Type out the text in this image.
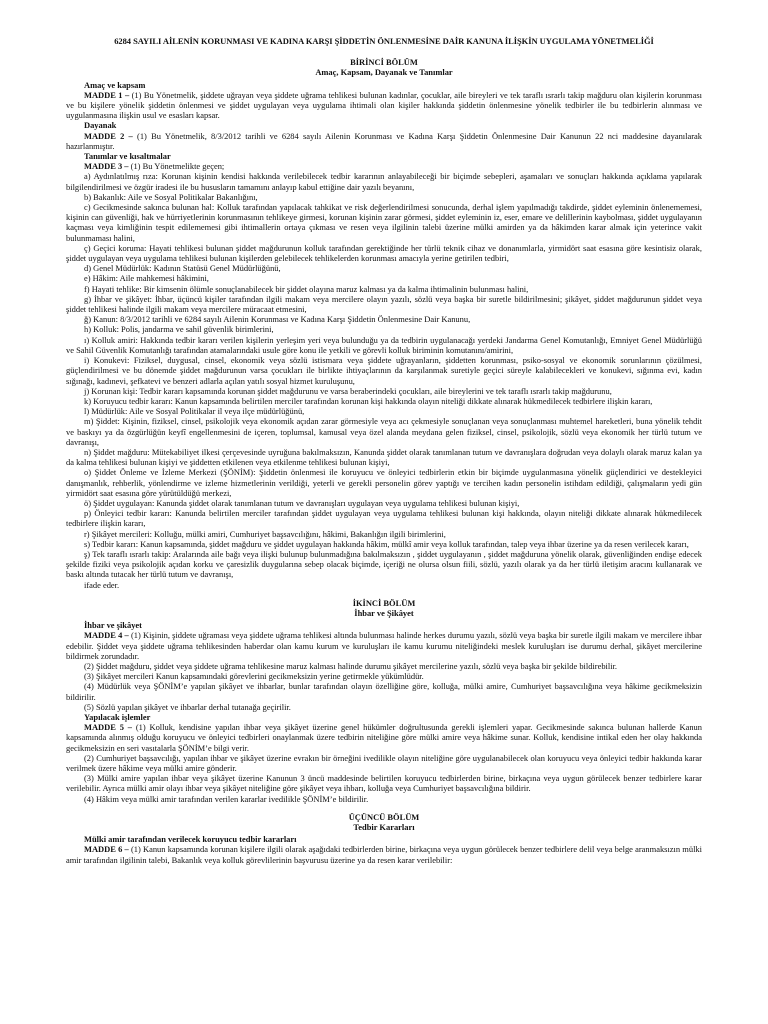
6284 SAYILI AİLENİN KORUNMASI VE KADINA KARŞI ŞİDDETİN ÖNLENMESİNE DAİR KANUNA İLİŞKİN UYGULAMA YÖNETMELİĞİ
BİRİNCİ BÖLÜM
Amaç, Kapsam, Dayanak ve Tanımlar
Amaç ve kapsam
MADDE 1 – (1) Bu Yönetmelik, şiddete uğrayan veya şiddete uğrama tehlikesi bulunan kadınlar, çocuklar, aile bireyleri ve tek taraflı ısrarlı takip mağduru olan kişilerin korunması ve bu kişilere yönelik şiddetin önlenmesi ve şiddet uygulayan veya uygulama ihtimali olan kişiler hakkında şiddetin önlenmesine yönelik tedbirler ile bu tedbirlerin alınması ve uygulanmasına ilişkin usul ve esasları kapsar.
Dayanak
MADDE 2 – (1) Bu Yönetmelik, 8/3/2012 tarihli ve 6284 sayılı Ailenin Korunması ve Kadına Karşı Şiddetin Önlenmesine Dair Kanunun 22 nci maddesine dayanılarak hazırlanmıştır.
Tanımlar ve kısaltmalar
MADDE 3 – (1) Bu Yönetmelikte geçen;
a) Aydınlatılmış rıza: Korunan kişinin kendisi hakkında verilebilecek tedbir kararının anlayabileceği bir biçimde sebepleri, aşamaları ve sonuçları hakkında açıklama yapılarak bilgilendirilmesi ve özgür iradesi ile bu hususların tamamını anlayıp kabul ettiğine dair yazılı beyanını,
b) Bakanlık: Aile ve Sosyal Politikalar Bakanlığını,
c) Gecikmesinde sakınca bulunan hal: Kolluk tarafından yapılacak tahkikat ve risk değerlendirilmesi sonucunda, derhal işlem yapılmadığı takdirde, şiddet eyleminin önlenememesi, kişinin can güvenliği, hak ve hürriyetlerinin korunmasının tehlikeye girmesi, korunan kişinin zarar görmesi, şiddet eyleminin iz, eser, emare ve delillerinin kaybolması, şiddet uygulayanın kaçması veya kimliğinin tespit edilememesi gibi ihtimallerin ortaya çıkması ve resen veya ilgilinin talebi üzerine mülki amirden ya da hâkimden karar almak için yeterince vakit bulunmaması halini,
ç) Geçici koruma: Hayati tehlikesi bulunan şiddet mağdurunun kolluk tarafından gerektiğinde her türlü teknik cihaz ve donanımlarla, yirmidört saat esasına göre kesintisiz olarak, şiddet uygulayan veya uygulama tehlikesi bulunan kişilerden gelebilecek tehlikelerden korunması amacıyla yerine getirilen tedbiri,
d) Genel Müdürlük: Kadının Statüsü Genel Müdürlüğünü,
e) Hâkim: Aile mahkemesi hâkimini,
f) Hayati tehlike: Bir kimsenin ölümle sonuçlanabilecek bir şiddet olayına maruz kalması ya da kalma ihtimalinin bulunması halini,
g) İhbar ve şikâyet: İhbar, üçüncü kişiler tarafından ilgili makam veya mercilere olayın yazılı, sözlü veya başka bir suretle bildirilmesini; şikâyet, şiddet mağdurunun şiddet veya şiddet tehlikesi halinde ilgili makam veya mercilere müracaat etmesini,
ğ) Kanun: 8/3/2012 tarihli ve 6284 sayılı Ailenin Korunması ve Kadına Karşı Şiddetin Önlenmesine Dair Kanunu,
h) Kolluk: Polis, jandarma ve sahil güvenlik birimlerini,
ı) Kolluk amiri: Hakkında tedbir kararı verilen kişilerin yerleşim yeri veya bulunduğu ya da tedbirin uygulanacağı yerdeki Jandarma Genel Komutanlığı, Emniyet Genel Müdürlüğü ve Sahil Güvenlik Komutanlığı tarafından atamalarındaki usule göre konu ile yetkili ve görevli kolluk biriminin komutanını/amirini,
i) Konukevi: Fiziksel, duygusal, cinsel, ekonomik veya sözlü istismara veya şiddete uğrayanların, şiddetten korunması, psiko-sosyal ve ekonomik sorunlarının çözülmesi, güçlendirilmesi ve bu dönemde şiddet mağdurunun varsa çocukları ile birlikte ihtiyaçlarının da karşılanmak suretiyle geçici süreyle kalabilecekleri ve konukevi, sığınma evi, kadın sığınağı, kadınevi, şefkatevi ve benzeri adlarla açılan yatılı sosyal hizmet kuruluşunu,
j) Korunan kişi: Tedbir kararı kapsamında korunan şiddet mağdurunu ve varsa beraberindeki çocukları, aile bireylerini ve tek taraflı ısrarlı takip mağdurunu,
k) Koruyucu tedbir kararı: Kanun kapsamında belirtilen merciler tarafından korunan kişi hakkında olayın niteliği dikkate alınarak hükmedilecek tedbirlere ilişkin kararı,
l) Müdürlük: Aile ve Sosyal Politikalar il veya ilçe müdürlüğünü,
m) Şiddet: Kişinin, fiziksel, cinsel, psikolojik veya ekonomik açıdan zarar görmesiyle veya acı çekmesiyle sonuçlanan veya sonuçlanması muhtemel hareketleri, buna yönelik tehdit ve baskıyı ya da özgürlüğün keyfî engellenmesini de içeren, toplumsal, kamusal veya özel alanda meydana gelen fiziksel, cinsel, psikolojik, sözlü veya ekonomik her türlü tutum ve davranışı,
n) Şiddet mağduru: Mütekabiliyet ilkesi çerçevesinde uyruğuna bakılmaksızın, Kanunda şiddet olarak tanımlanan tutum ve davranışlara doğrudan veya dolaylı olarak maruz kalan ya da kalma tehlikesi bulunan kişiyi ve şiddetten etkilenen veya etkilenme tehlikesi bulunan kişiyi,
o) Şiddet Önleme ve İzleme Merkezi (ŞÖNİM): Şiddetin önlenmesi ile koruyucu ve önleyici tedbirlerin etkin bir biçimde uygulanmasına yönelik güçlendirici ve destekleyici danışmanlık, rehberlik, yönlendirme ve izleme hizmetlerinin verildiği, yeterli ve gerekli personelin görev yaptığı ve tercihen kadın personelin istihdam edildiği, çalışmaların yedi gün yirmidört saat esasına göre yürütüldüğü merkezi,
ö) Şiddet uygulayan: Kanunda şiddet olarak tanımlanan tutum ve davranışları uygulayan veya uygulama tehlikesi bulunan kişiyi,
p) Önleyici tedbir kararı: Kanunda belirtilen merciler tarafından şiddet uygulayan veya uygulama tehlikesi bulunan kişi hakkında, olayın niteliği dikkate alınarak hükmedilecek tedbirlere ilişkin kararı,
r) Şikâyet mercileri: Kolluğu, mülki amiri, Cumhuriyet başsavcılığını, hâkimi, Bakanlığın ilgili birimlerini,
s) Tedbir kararı: Kanun kapsamında, şiddet mağduru ve şiddet uygulayan hakkında hâkim, mülkî amir veya kolluk tarafından, talep veya ihbar üzerine ya da resen verilecek kararı,
ş) Tek taraflı ısrarlı takip: Aralarında aile bağı veya ilişki bulunup bulunmadığına bakılmaksızın , şiddet uygulayanın , şiddet mağduruna yönelik olarak, güvenliğinden endişe edecek şekilde fiziki veya psikolojik açıdan korku ve çaresizlik duygularına sebep olacak biçimde, içeriği ne olursa olsun fiili, sözlü, yazılı olarak ya da her türlü iletişim aracını kullanarak ve baskı altında tutacak her türlü tutum ve davranışı,
ifade eder.
İKİNCİ BÖLÜM
İhbar ve Şikâyet
İhbar ve şikâyet
MADDE 4 – (1) Kişinin, şiddete uğraması veya şiddete uğrama tehlikesi altında bulunması halinde herkes durumu yazılı, sözlü veya başka bir suretle ilgili makam ve mercilere ihbar edebilir. Şiddet veya şiddete uğrama tehlikesinden haberdar olan kamu kurum ve kuruluşları ile kamu kurumu niteliğindeki meslek kuruluşları ise durumu derhal, şikâyet mercilerine bildirmek zorundadır.
(2) Şiddet mağduru, şiddet veya şiddete uğrama tehlikesine maruz kalması halinde durumu şikâyet mercilerine yazılı, sözlü veya başka bir şekilde bildirebilir.
(3) Şikâyet mercileri Kanun kapsamındaki görevlerini gecikmeksizin yerine getirmekle yükümlüdür.
(4) Müdürlük veya ŞÖNİM’e yapılan şikâyet ve ihbarlar, bunlar tarafından olayın özelliğine göre, kolluğa, mülki amire, Cumhuriyet başsavcılığına veya hâkime gecikmeksizin bildirilir.
(5) Sözlü yapılan şikâyet ve ihbarlar derhal tutanağa geçirilir.
Yapılacak işlemler
MADDE 5 – (1) Kolluk, kendisine yapılan ihbar veya şikâyet üzerine genel hükümler doğrultusunda gerekli işlemleri yapar. Gecikmesinde sakınca bulunan hallerde Kanun kapsamında alınmış olduğu koruyucu ve önleyici tedbirleri onaylanmak üzere tedbirin niteliğine göre mülki amire veya hâkime sunar. Kolluk, kendisine intikal eden her olay hakkında gecikmeksizin en seri vasıtalarla ŞÖNİM’e bilgi verir.
(2) Cumhuriyet başsavcılığı, yapılan ihbar ve şikâyet üzerine evrakın bir örneğini ivedilikle olayın niteliğine göre uygulanabilecek olan koruyucu veya önleyici tedbir hakkında karar verilmek üzere hâkime veya mülki amire gönderir.
(3) Mülki amire yapılan ihbar veya şikâyet üzerine Kanunun 3 üncü maddesinde belirtilen koruyucu tedbirlerden birine, birkaçına veya uygun görülecek benzer tedbirlere karar verilebilir. Ayrıca mülki amir olayı ihbar veya şikâyet niteliğine göre şikâyet veya ihbarı, kolluğa veya Cumhuriyet başsavcılığına bildirir.
(4) Hâkim veya mülki amir tarafından verilen kararlar ivedilikle ŞÖNİM’e bildirilir.
ÜÇÜNCÜ BÖLÜM
Tedbir Kararları
Mülki amir tarafından verilecek koruyucu tedbir kararları
MADDE 6 – (1) Kanun kapsamında korunan kişilere ilgili olarak aşağıdaki tedbirlerden birine, birkaçına veya uygun görülecek benzer tedbirlere delil veya belge aranmaksızın mülki amir tarafından ilgilinin talebi, Bakanlık veya kolluk görevlilerinin başvurusu üzerine ya da resen karar verilebilir:
